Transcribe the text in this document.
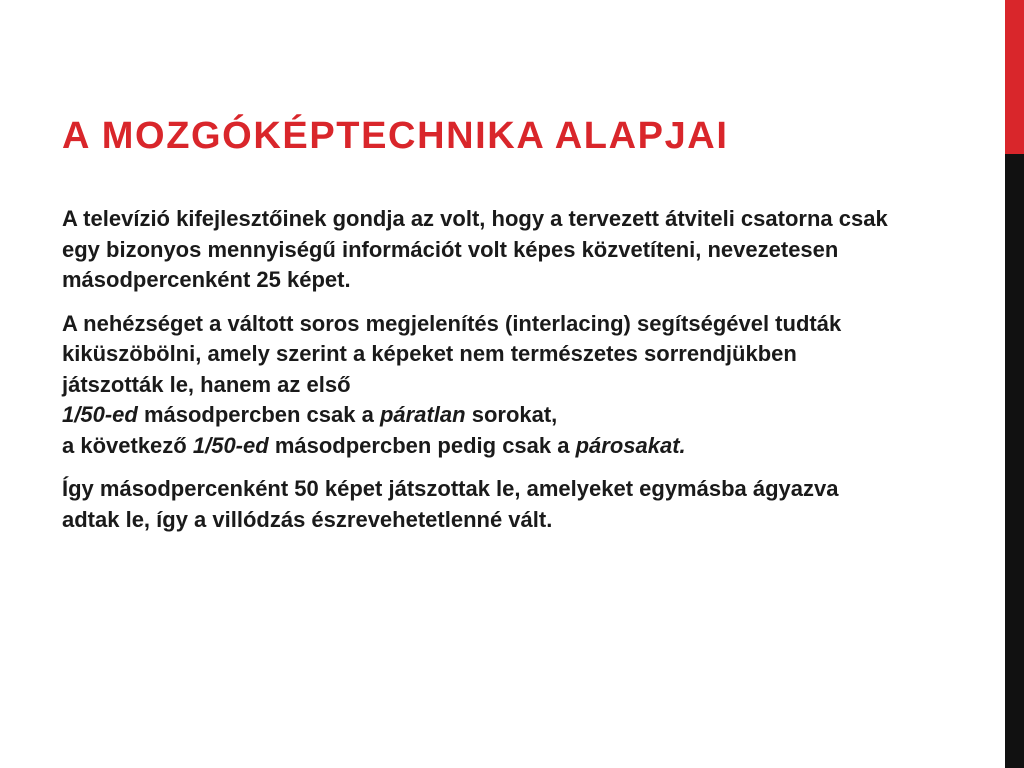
A MOZGÓKÉPTECHNIKA ALAPJAI

A televízió kifejlesztőinek gondja az volt, hogy a tervezett átviteli csatorna csak egy bizonyos mennyiségű információt volt képes közvetíteni, nevezetesen másodpercenként 25 képet.

A nehézséget a váltott soros megjelenítés (interlacing) segítségével tudták kiküszöbölni, amely szerint a képeket nem természetes sorrendjükben játszották le, hanem az első
1/50-ed másodpercben csak a páratlan sorokat,
a következő 1/50-ed másodpercben pedig csak a párosakat.

Így másodpercenként 50 képet játszottak le, amelyeket egymásba ágyazva adtak le, így a villódzás észrevehetetlenné vált.
